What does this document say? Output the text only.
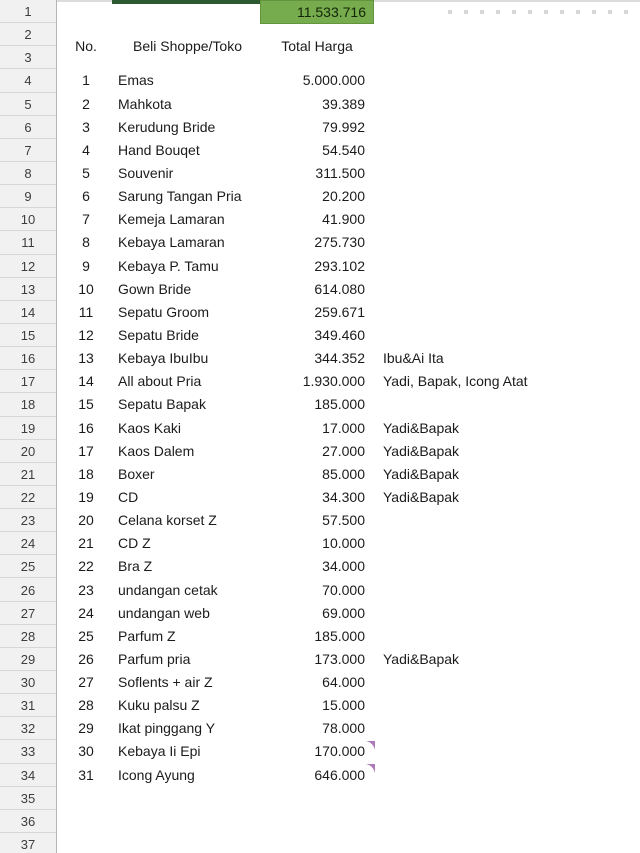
1
2
3
4
5
6
7
8
9
10
11
12
13
14
15
16
17
18
19
20
21
22
23
24
25
26
27
28
29
30
31
32
33
34
35
36
37
11.533.716
No.	Beli Shoppe/Toko	Total Harga
1	Emas	5.000.000
2	Mahkota	39.389
3	Kerudung Bride	79.992
4	Hand Bouqet	54.540
5	Souvenir	311.500
6	Sarung Tangan Pria	20.200
7	Kemeja Lamaran	41.900
8	Kebaya Lamaran	275.730
9	Kebaya P. Tamu	293.102
10	Gown Bride	614.080
11	Sepatu Groom	259.671
12	Sepatu Bride	349.460
13	Kebaya IbuIbu	344.352 Ibu&Ai Ita
14	All about Pria	1.930.000 Yadi, Bapak, Icong Atat
15	Sepatu Bapak	185.000
16	Kaos Kaki	17.000 Yadi&Bapak
17	Kaos Dalem	27.000 Yadi&Bapak
18	Boxer	85.000 Yadi&Bapak
19	CD	34.300 Yadi&Bapak
20	Celana korset Z	57.500
21	CD Z	10.000
22	Bra Z	34.000
23	undangan cetak	70.000
24	undangan web	69.000
25	Parfum Z	185.000
26	Parfum pria	173.000 Yadi&Bapak
27	Soflents + air Z	64.000
28	Kuku palsu Z	15.000
29	Ikat pinggang Y	78.000
30	Kebaya Ii Epi	170.000
31	Icong Ayung	646.000
